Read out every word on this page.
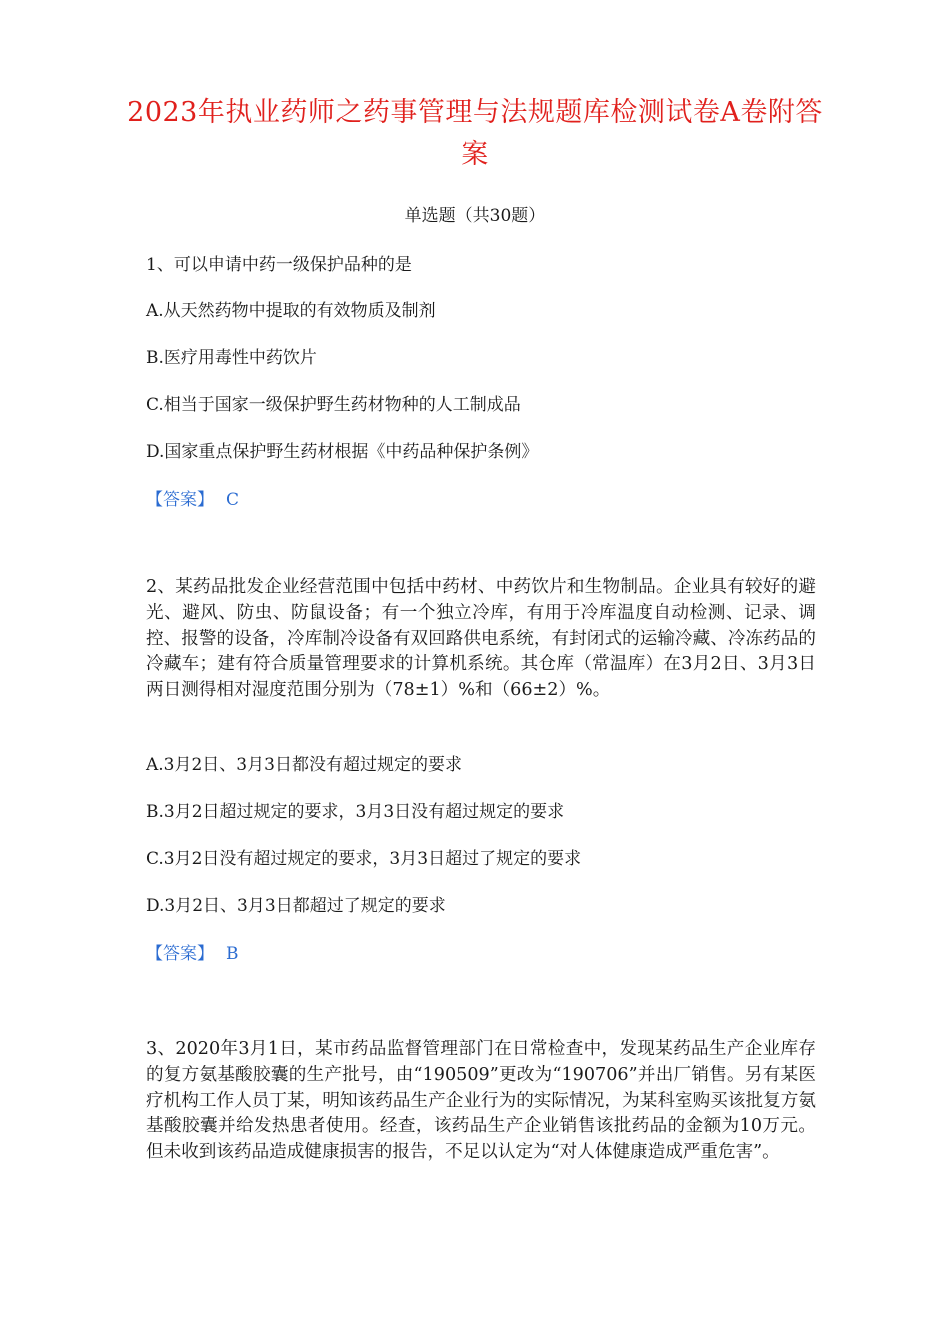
2023年执业药师之药事管理与法规题库检测试卷A卷附答案
单选题（共30题）
1、可以申请中药一级保护品种的是
A.从天然药物中提取的有效物质及制剂
B.医疗用毒性中药饮片
C.相当于国家一级保护野生药材物种的人工制成品
D.国家重点保护野生药材根据《中药品种保护条例》
【答案】 C
2、某药品批发企业经营范围中包括中药材、中药饮片和生物制品。企业具有较好的避光、避风、防虫、防鼠设备；有一个独立冷库，有用于冷库温度自动检测、记录、调控、报警的设备，冷库制冷设备有双回路供电系统，有封闭式的运输冷藏、冷冻药品的冷藏车；建有符合质量管理要求的计算机系统。其仓库（常温库）在3月2日、3月3日两日测得相对湿度范围分别为（78±1）%和（66±2）%。
A.3月2日、3月3日都没有超过规定的要求
B.3月2日超过规定的要求，3月3日没有超过规定的要求
C.3月2日没有超过规定的要求，3月3日超过了规定的要求
D.3月2日、3月3日都超过了规定的要求
【答案】 B
3、2020年3月1日，某市药品监督管理部门在日常检查中，发现某药品生产企业库存的复方氨基酸胶囊的生产批号，由“190509”更改为“190706”并出厂销售。另有某医疗机构工作人员丁某，明知该药品生产企业行为的实际情况，为某科室购买该批复方氨基酸胶囊并给发热患者使用。经查，该药品生产企业销售该批药品的金额为10万元。但未收到该药品造成健康损害的报告，不足以认定为“对人体健康造成严重危害”。
